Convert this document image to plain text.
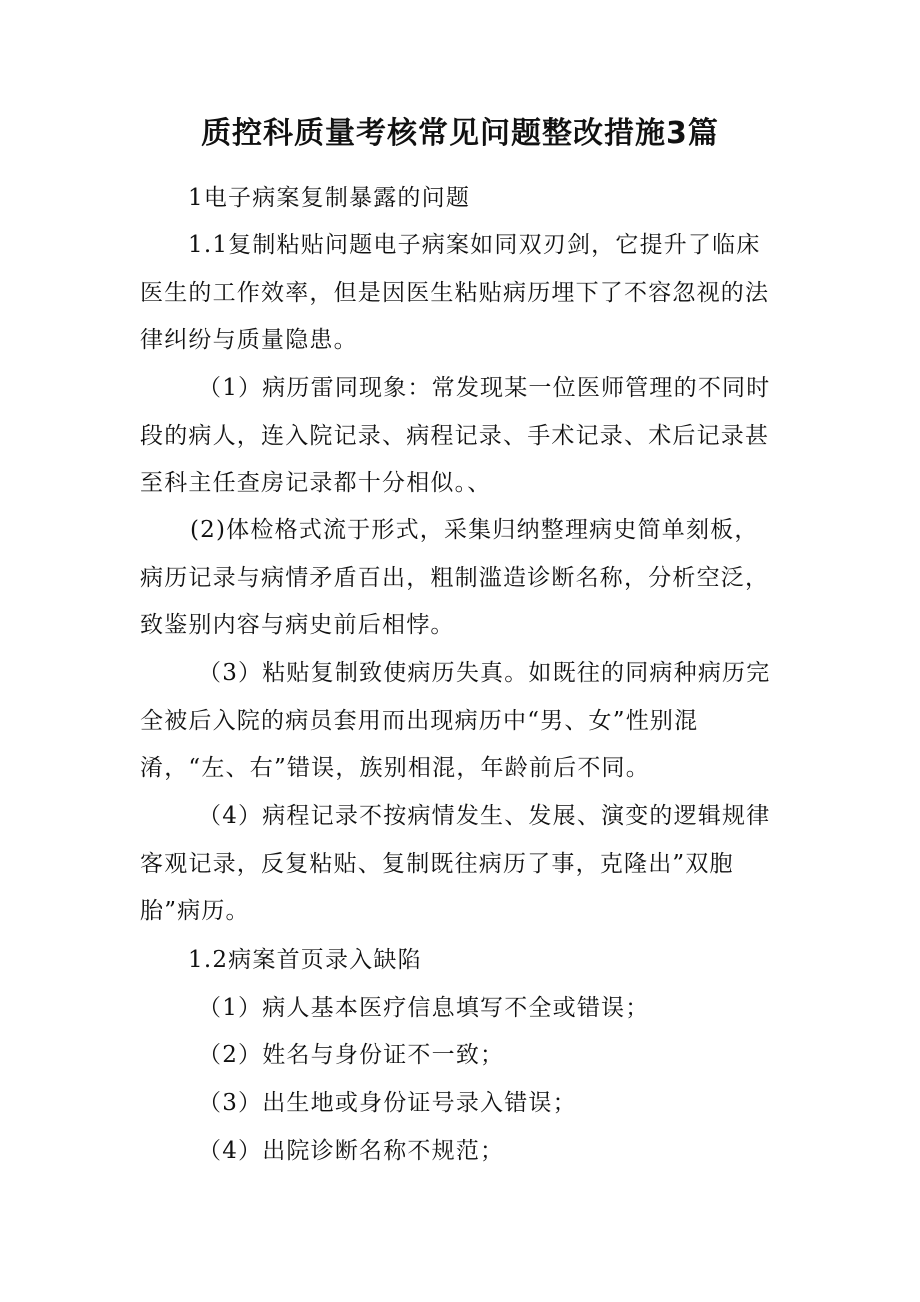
质控科质量考核常见问题整改措施3篇

1电子病案复制暴露的问题

1.1复制粘贴问题电子病案如同双刃剑，它提升了临床医生的工作效率，但是因医生粘贴病历埋下了不容忽视的法律纠纷与质量隐患。

（1）病历雷同现象：常发现某一位医师管理的不同时段的病人，连入院记录、病程记录、手术记录、术后记录甚至科主任查房记录都十分相似。、

(2)体检格式流于形式，采集归纳整理病史简单刻板，病历记录与病情矛盾百出，粗制滥造诊断名称，分析空泛，致鉴别内容与病史前后相悖。

（3）粘贴复制致使病历失真。如既往的同病种病历完全被后入院的病员套用而出现病历中“男、女”性别混淆，“左、右”错误，族别相混，年龄前后不同。

（4）病程记录不按病情发生、发展、演变的逻辑规律客观记录，反复粘贴、复制既往病历了事，克隆出”双胞胎”病历。

1.2病案首页录入缺陷

（1）病人基本医疗信息填写不全或错误；

（2）姓名与身份证不一致；

（3）出生地或身份证号录入错误；

（4）出院诊断名称不规范；
